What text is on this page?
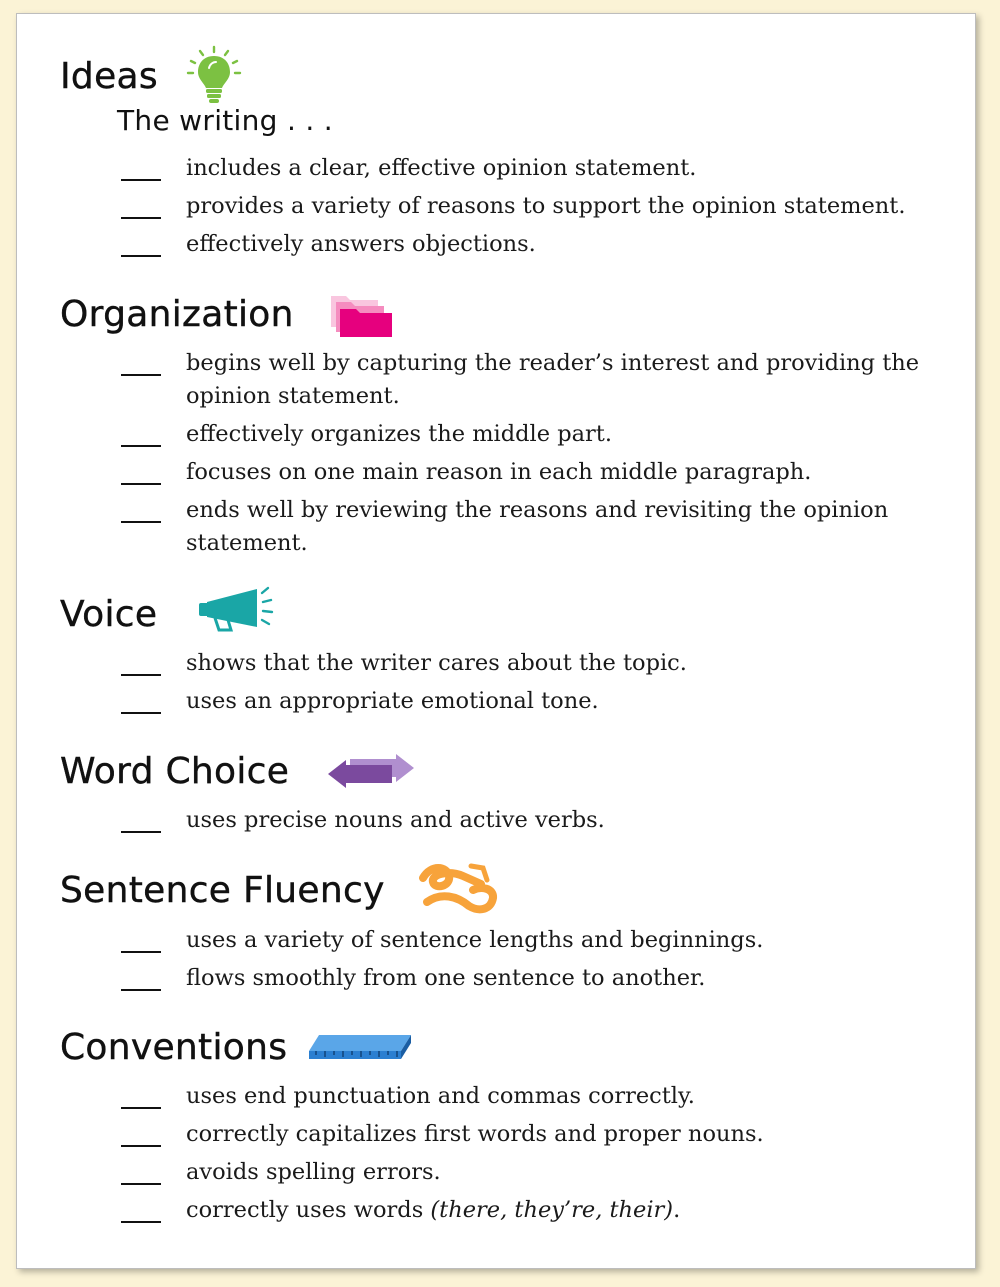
Ideas
The writing . . .
includes a clear, effective opinion statement.
provides a variety of reasons to support the opinion statement.
effectively answers objections.
Organization
begins well by capturing the reader’s interest and providing the opinion statement.
effectively organizes the middle part.
focuses on one main reason in each middle paragraph.
ends well by reviewing the reasons and revisiting the opinion statement.
Voice
shows that the writer cares about the topic.
uses an appropriate emotional tone.
Word Choice
uses precise nouns and active verbs.
Sentence Fluency
uses a variety of sentence lengths and beginnings.
flows smoothly from one sentence to another.
Conventions
uses end punctuation and commas correctly.
correctly capitalizes first words and proper nouns.
avoids spelling errors.
correctly uses words (there, they’re, their).
